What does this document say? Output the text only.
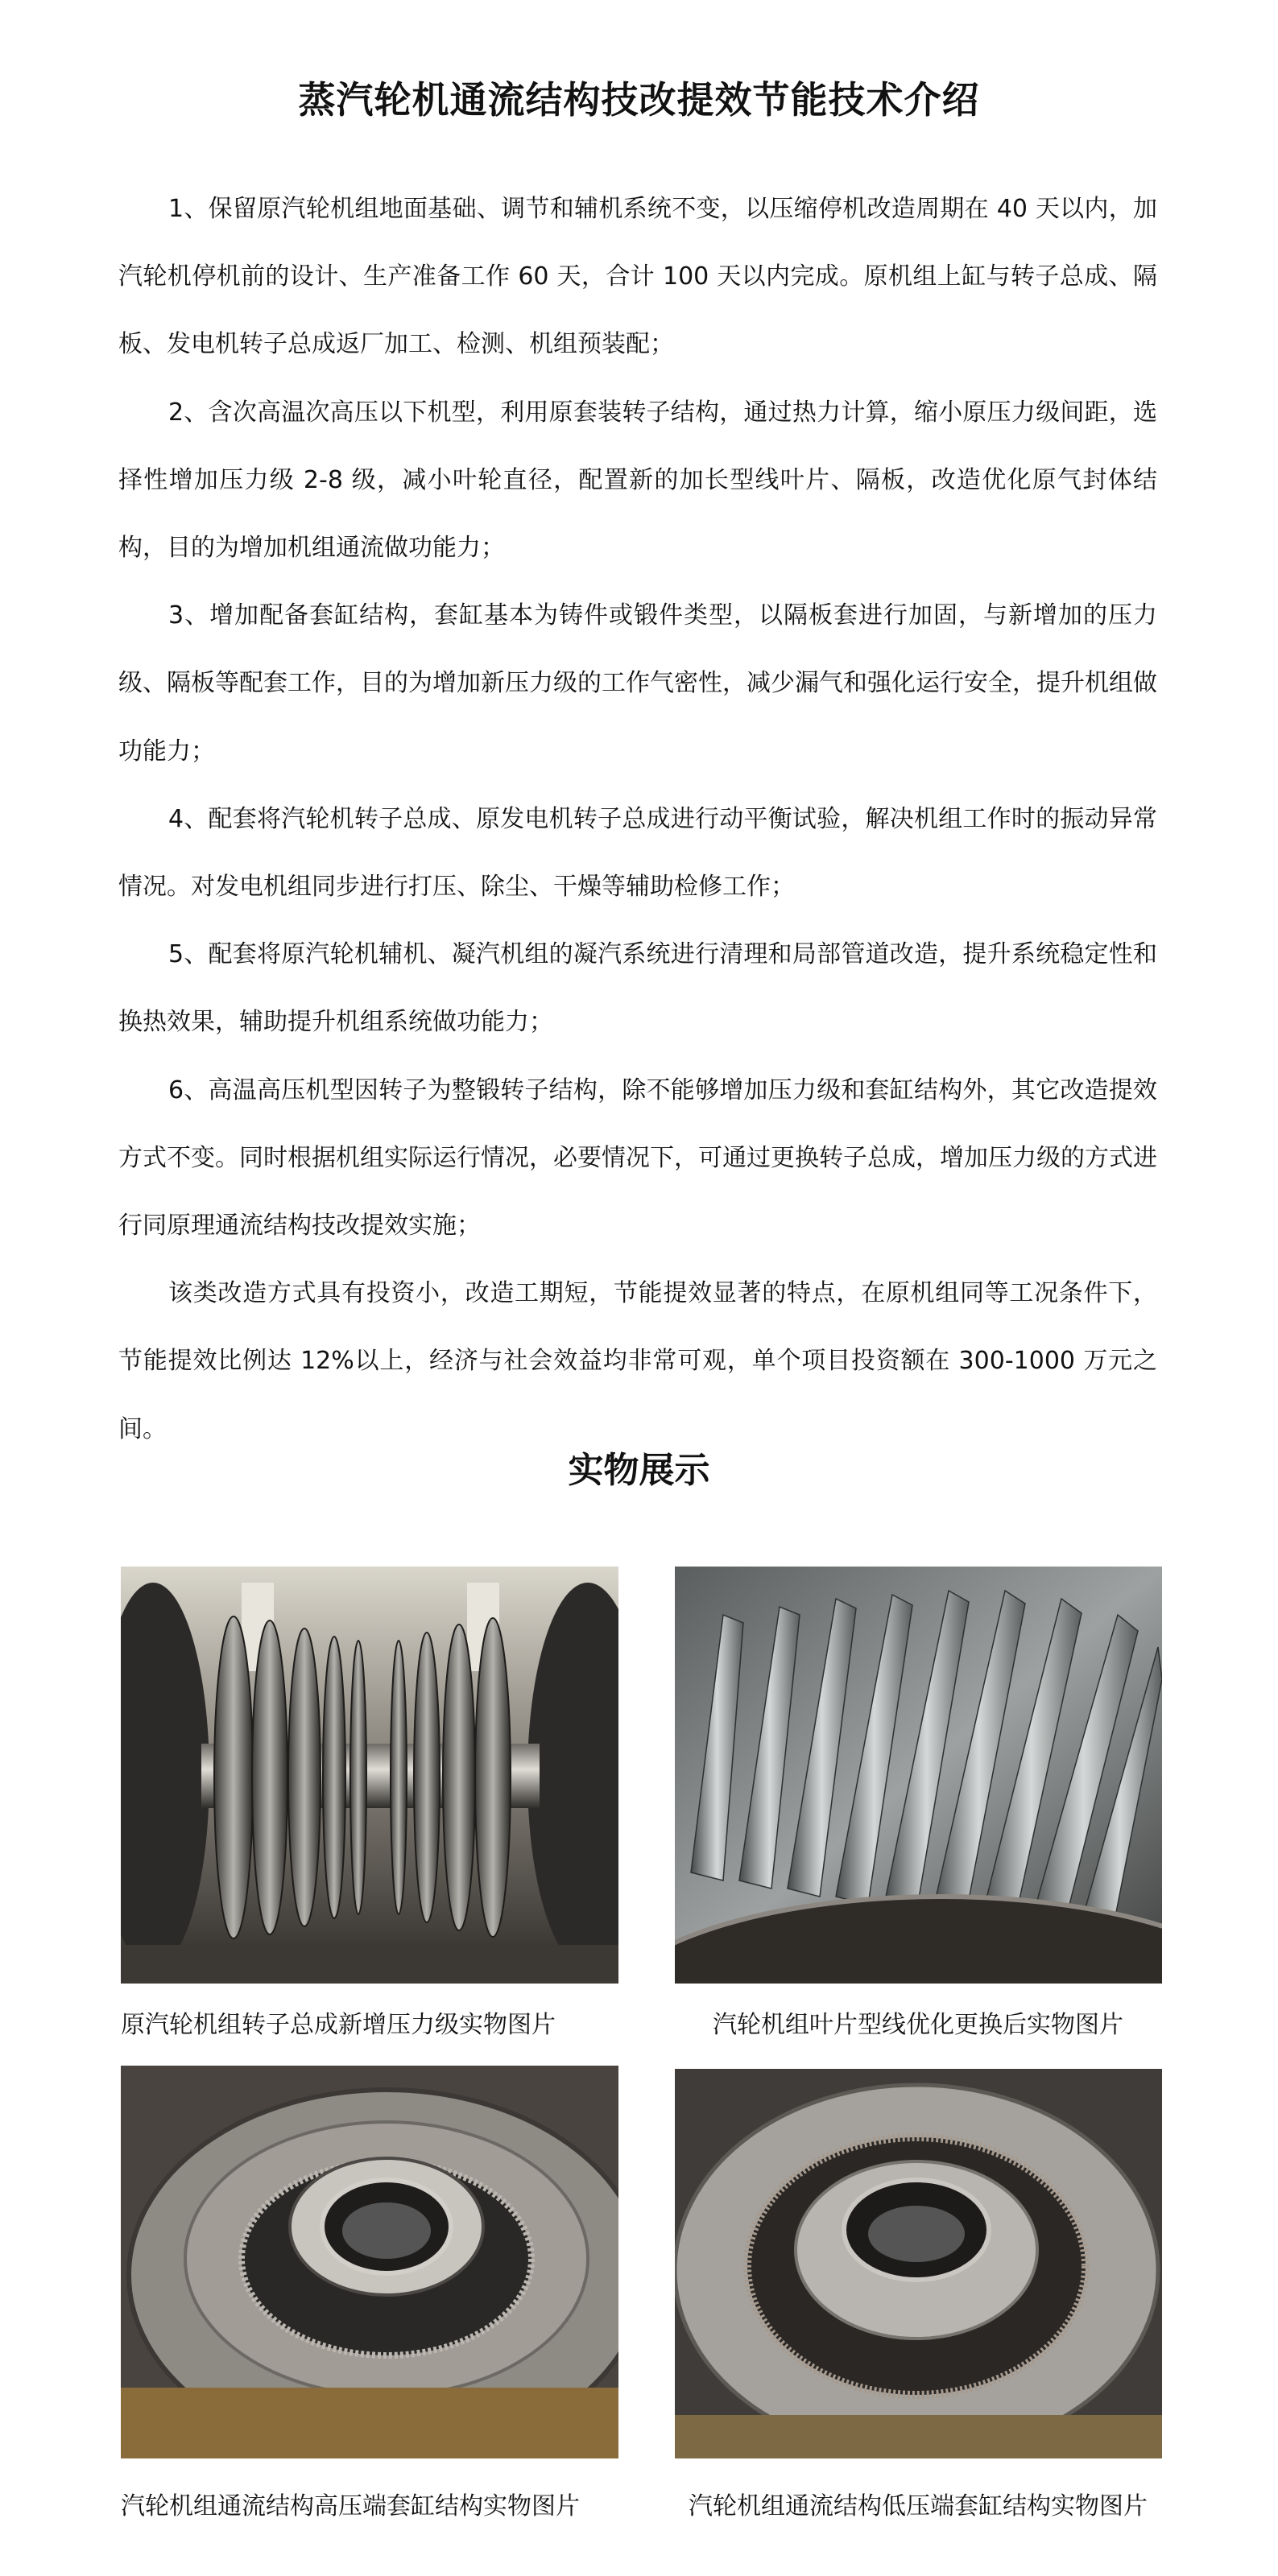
蒸汽轮机通流结构技改提效节能技术介绍

1、保留原汽轮机组地面基础、调节和辅机系统不变，以压缩停机改造周期在 40 天以内，加汽轮机停机前的设计、生产准备工作 60 天，合计 100 天以内完成。原机组上缸与转子总成、隔板、发电机转子总成返厂加工、检测、机组预装配；

2、含次高温次高压以下机型，利用原套装转子结构，通过热力计算，缩小原压力级间距，选择性增加压力级 2-8 级，减小叶轮直径，配置新的加长型线叶片、隔板，改造优化原气封体结构，目的为增加机组通流做功能力；

3、增加配备套缸结构，套缸基本为铸件或锻件类型，以隔板套进行加固，与新增加的压力级、隔板等配套工作，目的为增加新压力级的工作气密性，减少漏气和强化运行安全，提升机组做功能力；

4、配套将汽轮机转子总成、原发电机转子总成进行动平衡试验，解决机组工作时的振动异常情况。对发电机组同步进行打压、除尘、干燥等辅助检修工作；

5、配套将原汽轮机辅机、凝汽机组的凝汽系统进行清理和局部管道改造，提升系统稳定性和换热效果，辅助提升机组系统做功能力；

6、高温高压机型因转子为整锻转子结构，除不能够增加压力级和套缸结构外，其它改造提效方式不变。同时根据机组实际运行情况，必要情况下，可通过更换转子总成，增加压力级的方式进行同原理通流结构技改提效实施；

该类改造方式具有投资小，改造工期短，节能提效显著的特点，在原机组同等工况条件下，节能提效比例达 12%以上，经济与社会效益均非常可观，单个项目投资额在 300-1000 万元之间。

实物展示
原汽轮机组转子总成新增压力级实物图片	汽轮机组叶片型线优化更换后实物图片
汽轮机组通流结构高压端套缸结构实物图片	汽轮机组通流结构低压端套缸结构实物图片
